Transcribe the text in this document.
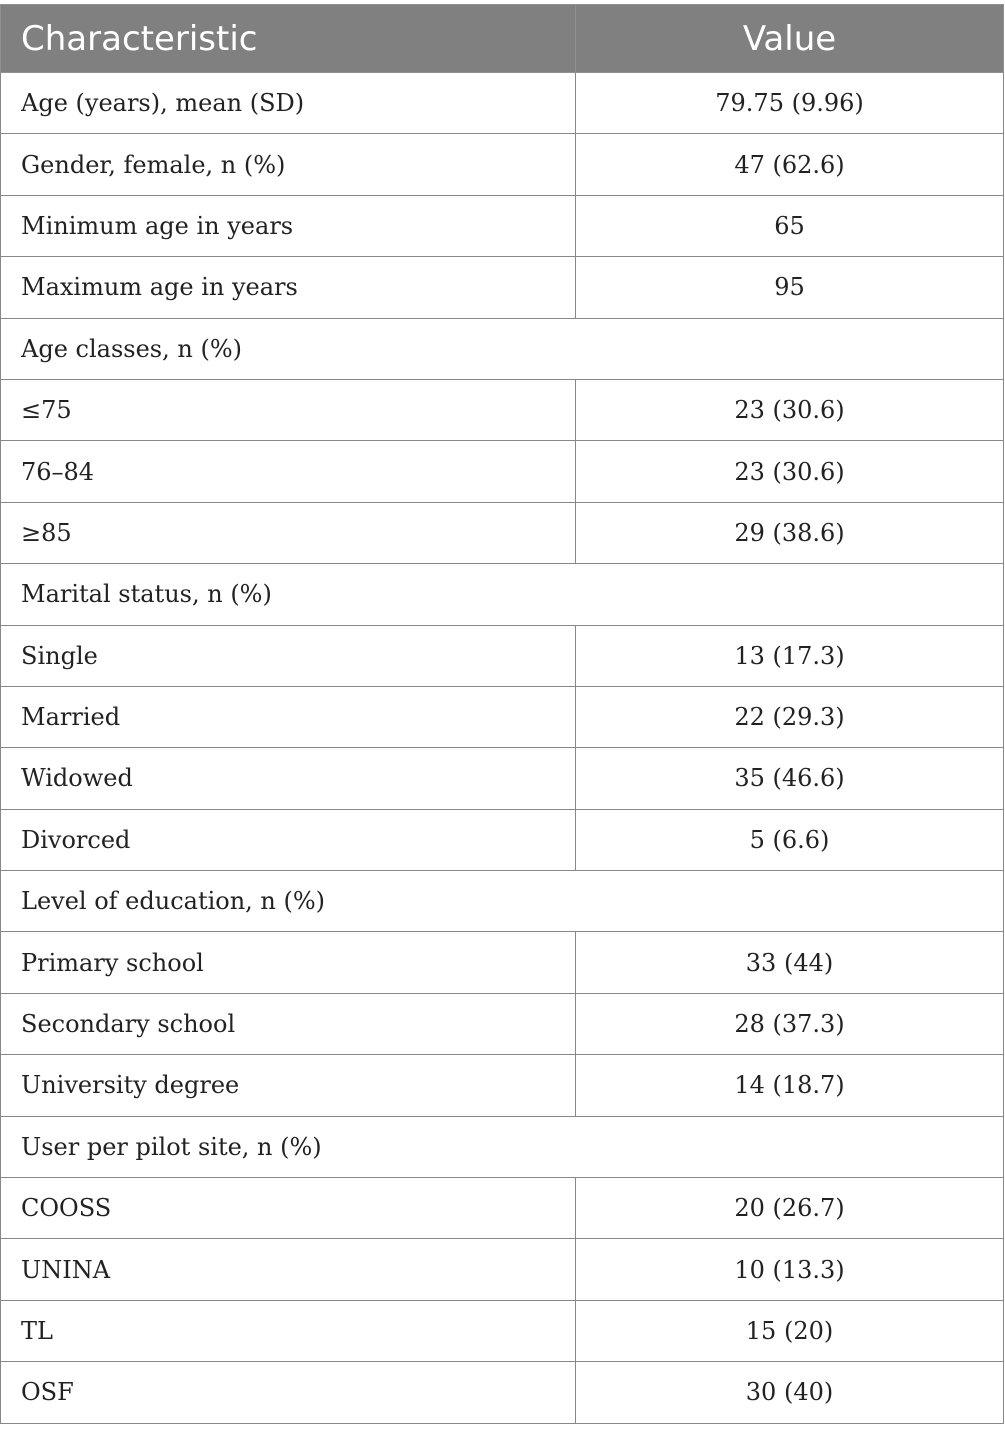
Characteristic	Value
Age (years), mean (SD)	79.75 (9.96)
Gender, female, n (%)	47 (62.6)
Minimum age in years	65
Maximum age in years	95
Age classes, n (%)	
≤75	23 (30.6)
76–84	23 (30.6)
≥85	29 (38.6)
Marital status, n (%)	
Single	13 (17.3)
Married	22 (29.3)
Widowed	35 (46.6)
Divorced	5 (6.6)
Level of education, n (%)	
Primary school	33 (44)
Secondary school	28 (37.3)
University degree	14 (18.7)
User per pilot site, n (%)	
COOSS	20 (26.7)
UNINA	10 (13.3)
TL	15 (20)
OSF	30 (40)
